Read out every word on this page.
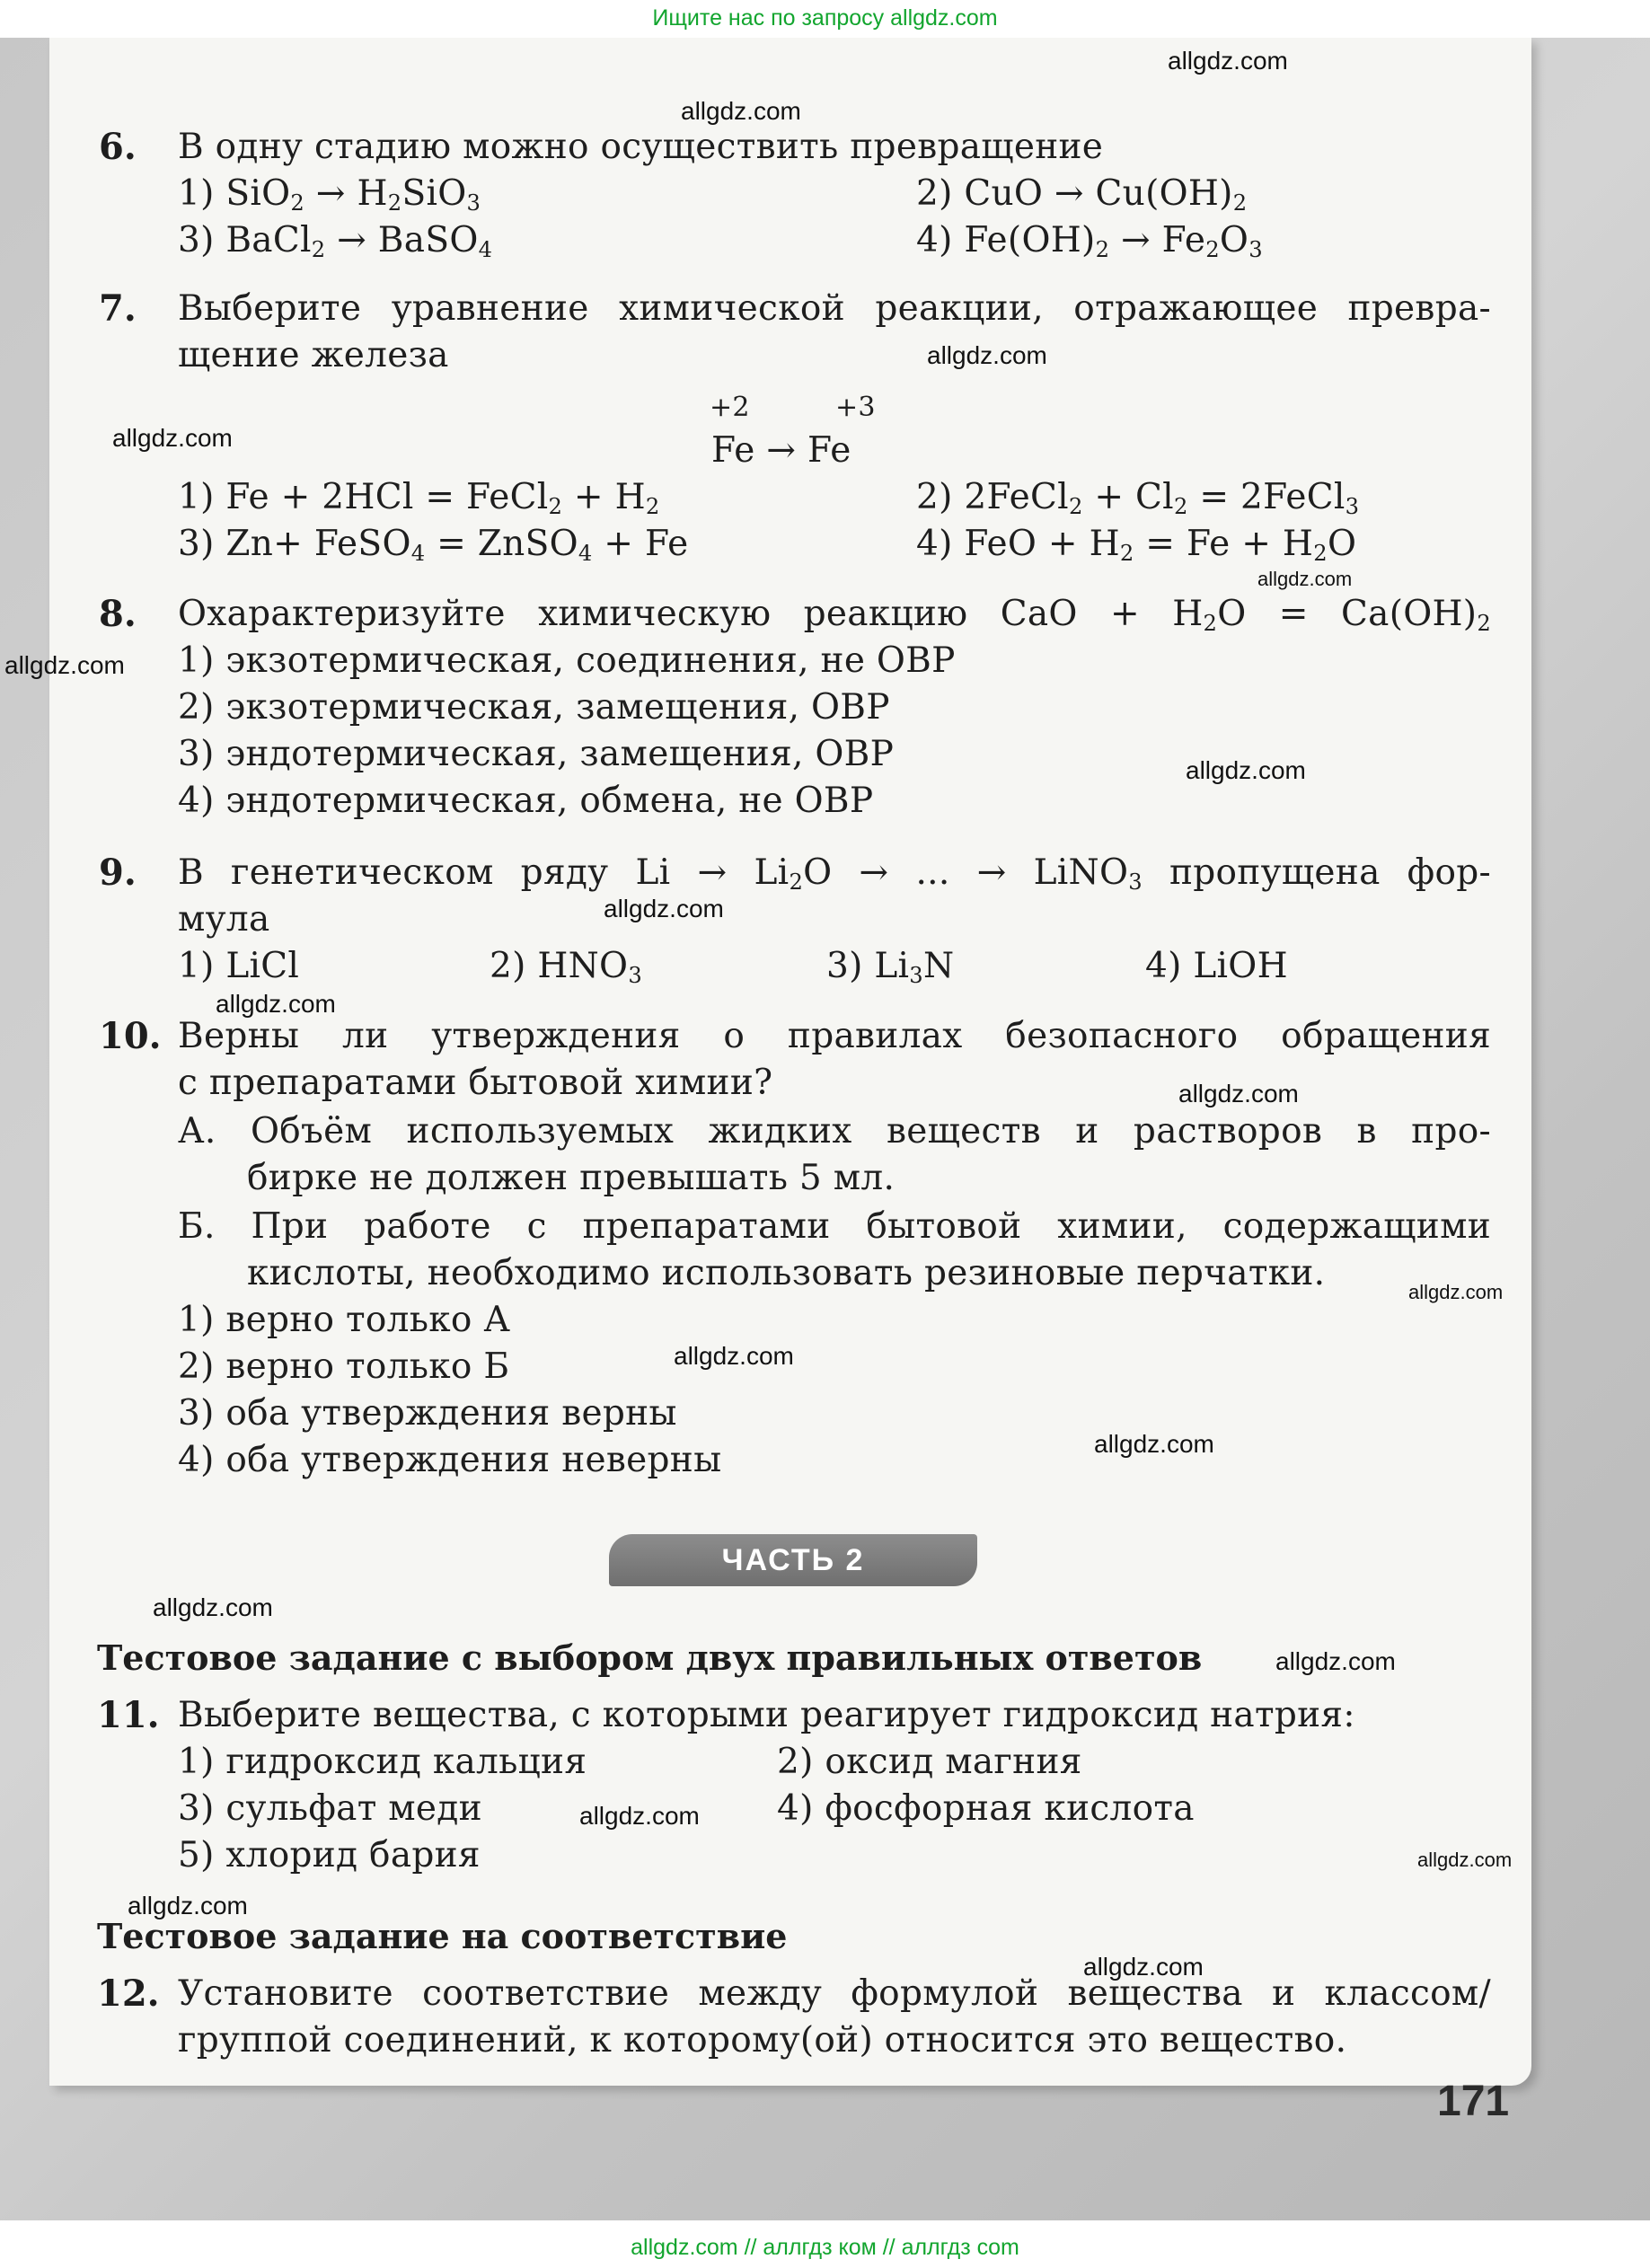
Ищите нас по запросу allgdz.com
171
6. В одну стадию можно осуществить превращение
1) $SiO_2 \to H_2SiO_3$	2) CuO → $Cu(OH)_2$
3) BaCl$_2$ → BaSO$_4$	4) $Fe(OH)_2 \to Fe_2O_3$
7. Выберите уравнение химической реакции, отражающее превра-
щение железа
+2	+3
Fe → Fe
1) Fe + 2HCl = FeCl$_2$ + $H_2$	2) 2FeCl$_2$ + $Cl_2$ = 2FeCl$_3$
3) Zn+ FeSO$_4$ = ZnSO$_4$ + Fe	4) FeO + $H_2 = Fe + H_2O$
8. Охарактеризуйте химическую реакцию CaO + $H_2O = Ca(OH)_2$
1) экзотермическая, соединения, не ОВР
2) экзотермическая, замещения, ОВР
3) эндотермическая, замещения, ОВР
4) эндотермическая, обмена, не ОВР
9. В генетическом ряду $Li \to Li_2O$ → ... → LiNO$_3$ пропущена фор-
мула
1) LiCl	2) $HNO_3$	3) $Li_3N$	4) LiOH
10. Верны ли утверждения о правилах безопасного обращения
с препаратами бытовой химии?
А. Объём используемых жидких веществ и растворов в про-
бирке не должен превышать 5 мл.
Б. При работе с препаратами бытовой химии, содержащими
кислоты, необходимо использовать резиновые перчатки.
1) верно только А
2) верно только Б
3) оба утверждения верны
4) оба утверждения неверны
ЧАСТЬ 2
Тестовое задание с выбором двух правильных ответов
11. Выберите вещества, с которыми реагирует гидроксид натрия:
1) гидроксид кальция	2) оксид магния
3) сульфат меди	4) фосфорная кислота
5) хлорид бария
Тестовое задание на соответствие
12. Установите соответствие между формулой вещества и классом/
группой соединений, к которому(ой) относится это вещество.
allgdz.com
allgdz.com
allgdz.com
allgdz.com
allgdz.com
allgdz.com
allgdz.com
allgdz.com
allgdz.com
allgdz.com
allgdz.com
allgdz.com
allgdz.com
allgdz.com
allgdz.com
allgdz.com
allgdz.com
allgdz.com
allgdz.com
allgdz.com // аллгдз ком // аллгдз com
